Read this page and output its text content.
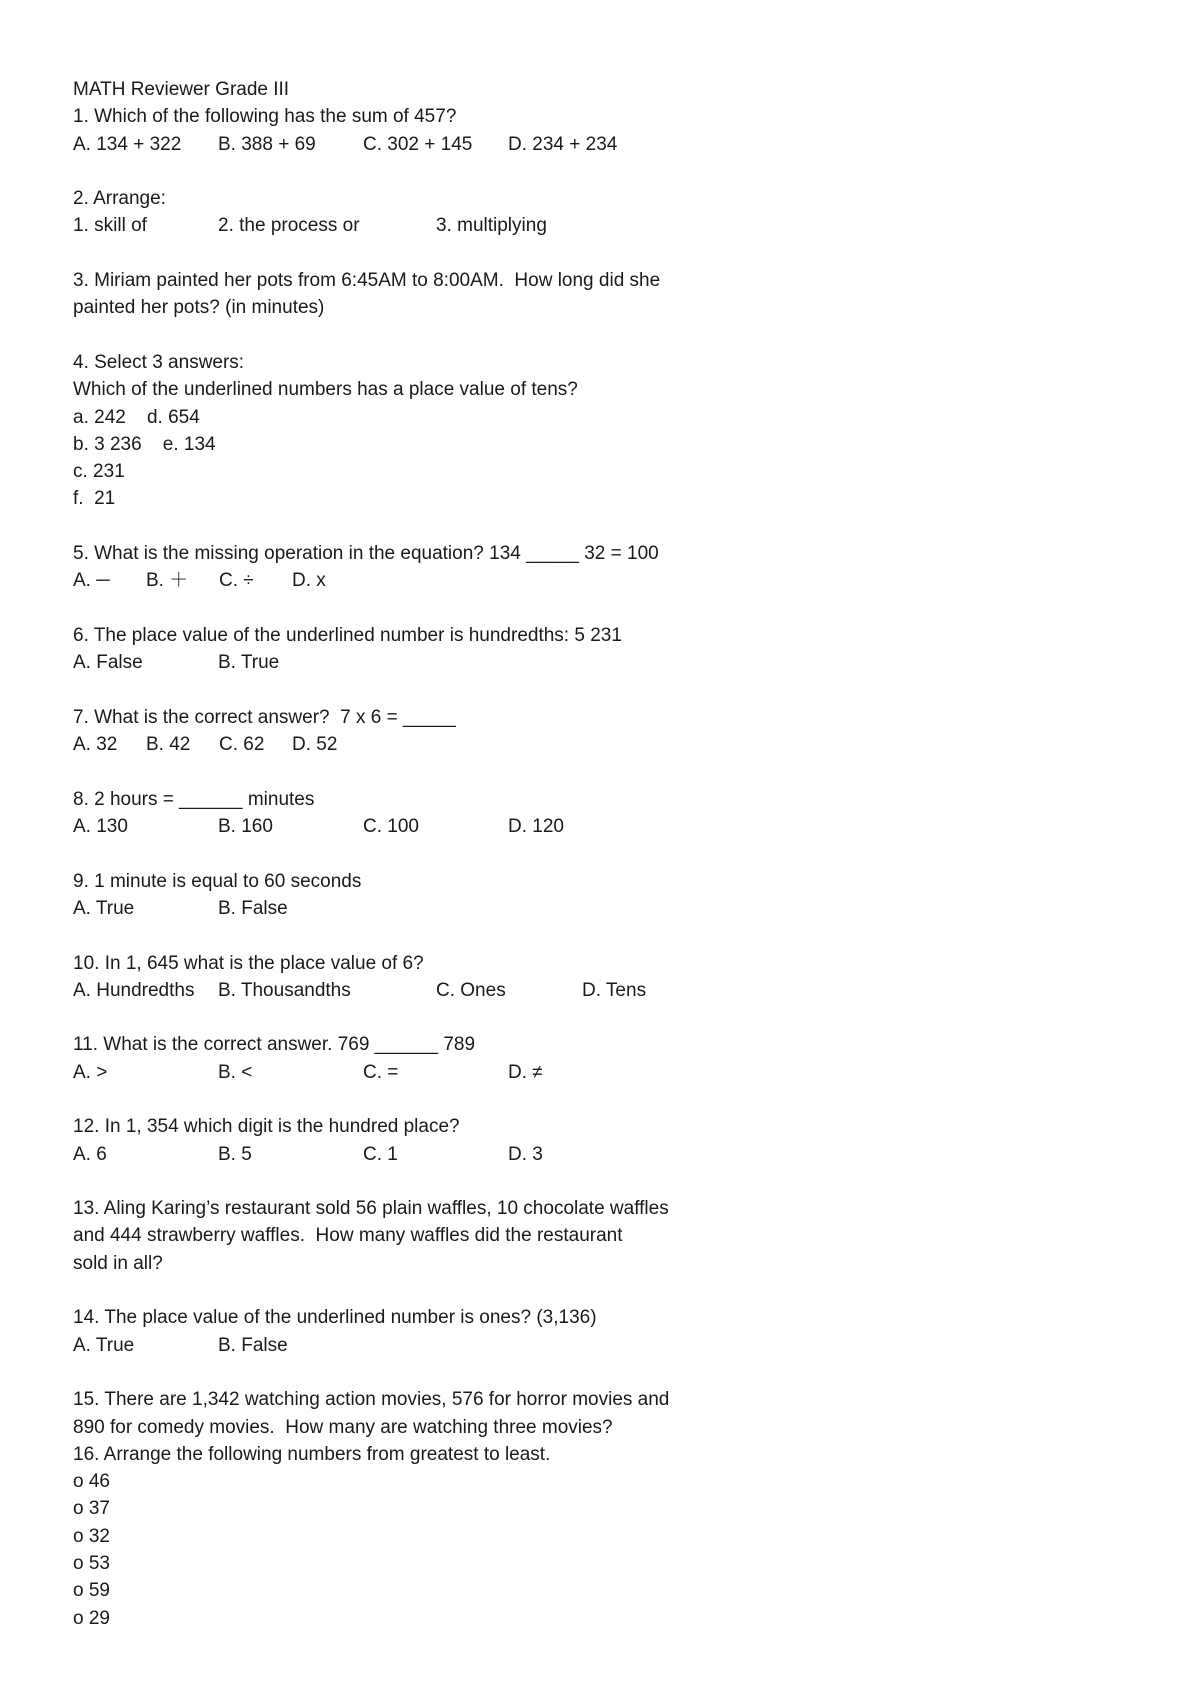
MATH Reviewer Grade III
1. Which of the following has the sum of 457?
A. 134 + 322	B. 388 + 69	C. 302 + 145	D. 234 + 234
2. Arrange:
1. skill of	2. the process or	3. multiplying
3. Miriam painted her pots from 6:45AM to 8:00AM.  How long did she
painted her pots? (in minutes)
4. Select 3 answers:
Which of the underlined numbers has a place value of tens?
a. 242    d. 654
b. 3 236    e. 134
c. 231
f.  21
5. What is the missing operation in the equation? 134 _____ 32 = 100
A. ─	B. ＋	C. ÷	D. x
6. The place value of the underlined number is hundredths: 5 231
A. False	B. True
7. What is the correct answer?  7 x 6 = _____
A. 32	B. 42	C. 62	D. 52
8. 2 hours = ______ minutes
A. 130	B. 160	C. 100	D. 120
9. 1 minute is equal to 60 seconds
A. True	B. False
10. In 1, 645 what is the place value of 6?
A. Hundredths	B. Thousandths	C. Ones	D. Tens
11. What is the correct answer. 769 ______ 789
A. >	B. <	C. =	D. ≠
12. In 1, 354 which digit is the hundred place?
A. 6	B. 5	C. 1	D. 3
13. Aling Karing’s restaurant sold 56 plain waffles, 10 chocolate waffles
and 444 strawberry waffles.  How many waffles did the restaurant
sold in all?
14. The place value of the underlined number is ones? (3,136)
A. True	B. False
15. There are 1,342 watching action movies, 576 for horror movies and
890 for comedy movies.  How many are watching three movies?
16. Arrange the following numbers from greatest to least.
o 46
o 37
o 32
o 53
o 59
o 29
